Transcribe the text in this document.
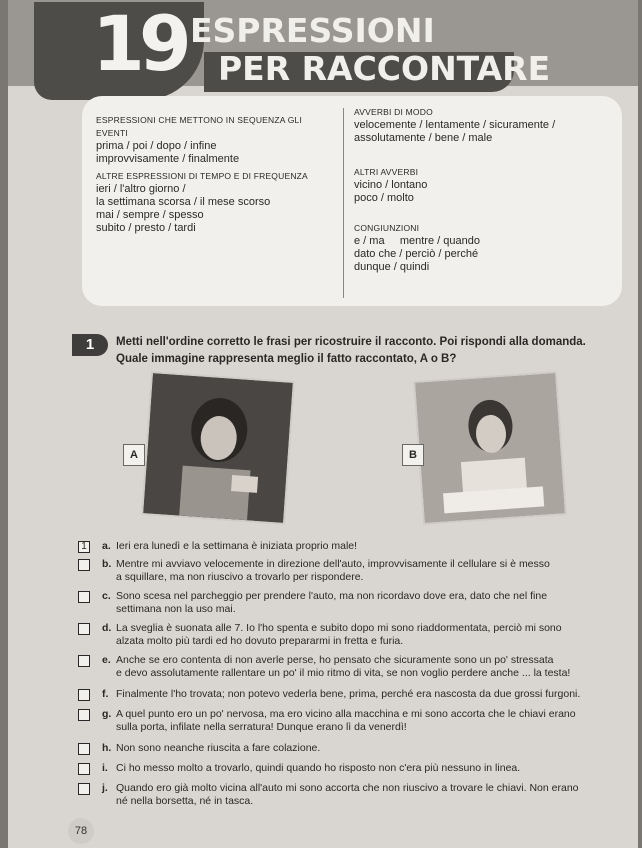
19 ESPRESSIONI
PER RACCONTARE
ESPRESSIONI CHE METTONO IN SEQUENZA GLI EVENTI
prima / poi / dopo / infine
improvvisamente / finalmente
ALTRE ESPRESSIONI DI TEMPO E DI FREQUENZA
ieri / l'altro giorno /
la settimana scorsa / il mese scorso
mai / sempre / spesso
subito / presto / tardi
AVVERBI DI MODO
velocemente / lentamente / sicuramente /
assolutamente / bene / male
ALTRI AVVERBI
vicino / lontano
poco / molto
CONGIUNZIONI
e / ma     mentre / quando
dato che / perciò / perché
dunque / quindi
1	Metti nell'ordine corretto le frasi per ricostruire il racconto. Poi rispondi alla domanda.
Quale immagine rappresenta meglio il fatto raccontato, A o B?
A	B
1	a. Ieri era lunedì e la settimana è iniziata proprio male!
b. Mentre mi avviavo velocemente in direzione dell'auto, improvvisamente il cellulare si è messo
a squillare, ma non riuscivo a trovarlo per rispondere.
c. Sono scesa nel parcheggio per prendere l'auto, ma non ricordavo dove era, dato che nel fine
settimana non la uso mai.
d. La sveglia è suonata alle 7. Io l'ho spenta e subito dopo mi sono riaddormentata, perciò mi sono
alzata molto più tardi ed ho dovuto prepararmi in fretta e furia.
e. Anche se ero contenta di non averle perse, ho pensato che sicuramente sono un po' stressata
e devo assolutamente rallentare un po' il mio ritmo di vita, se non voglio perdere anche ... la testa!
f. Finalmente l'ho trovata; non potevo vederla bene, prima, perché era nascosta da due grossi furgoni.
g. A quel punto ero un po' nervosa, ma ero vicino alla macchina e mi sono accorta che le chiavi erano
sulla porta, infilate nella serratura! Dunque erano lì da venerdì!
h. Non sono neanche riuscita a fare colazione.
i. Ci ho messo molto a trovarlo, quindi quando ho risposto non c'era più nessuno in linea.
j. Quando ero già molto vicina all'auto mi sono accorta che non riuscivo a trovare le chiavi. Non erano
né nella borsetta, né in tasca.
78
